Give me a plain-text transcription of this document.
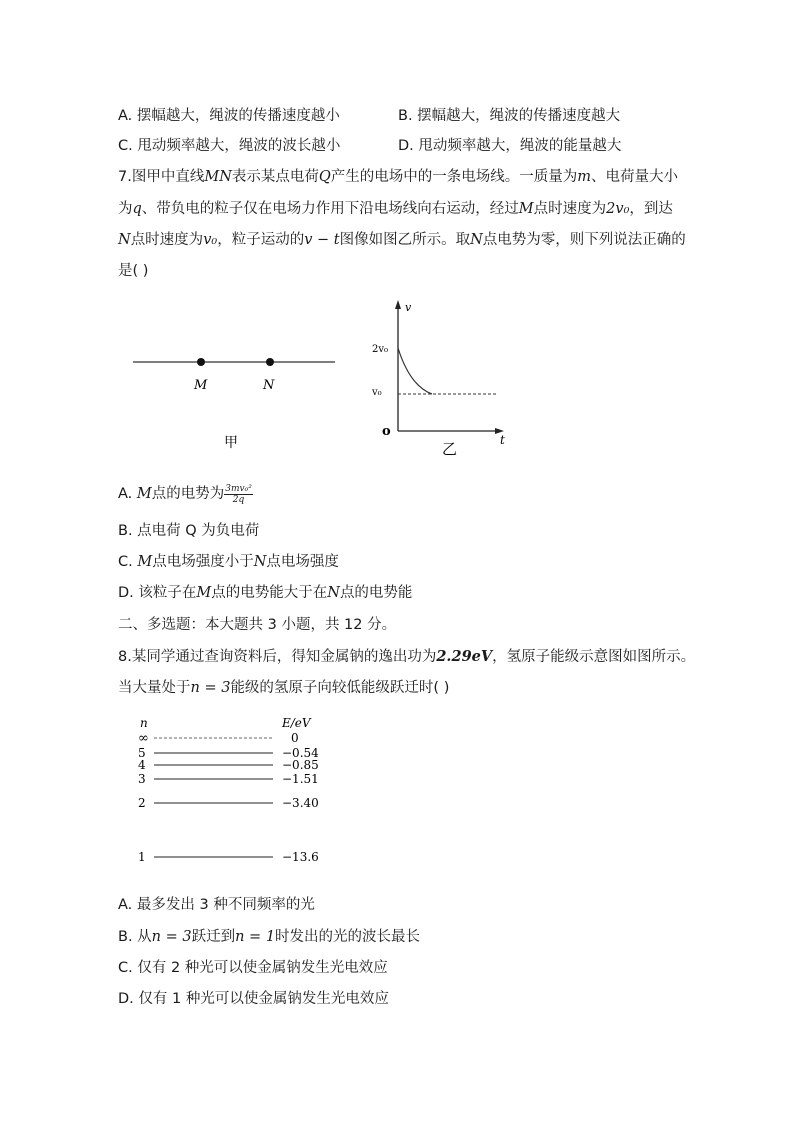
A. 摆幅越大，绳波的传播速度越小	B. 摆幅越大，绳波的传播速度越大
C. 甩动频率越大，绳波的波长越小	D. 甩动频率越大，绳波的能量越大
7.图甲中直线MN表示某点电荷Q产生的电场中的一条电场线。一质量为m、电荷量大小
为q、带负电的粒子仅在电场力作用下沿电场线向右运动，经过M点时速度为2v₀，到达
N点时速度为v₀，粒子运动的v − t图像如图乙所示。取N点电势为零，则下列说法正确的
是( )
M	N
甲
v
t
o
2v₀
v₀
乙
A. M点的电势为 $\frac{\text{3mv₀²}}{2q}$
B. 点电荷 Q 为负电荷
C. M点电场强度小于N点电场强度
D. 该粒子在M点的电势能大于在N点的电势能
二、多选题：本大题共 3 小题，共 12 分。
8.某同学通过查询资料后，得知金属钠的逸出功为2.29eV，氢原子能级示意图如图所示。
当大量处于n = 3能级的氢原子向较低能级跃迁时( )
n	E/eV
∞	0
5	−0.54
4	−0.85
3	−1.51
2	−3.40
1	−13.6
A. 最多发出 3 种不同频率的光
B. 从n = 3跃迁到n = 1时发出的光的波长最长
C. 仅有 2 种光可以使金属钠发生光电效应
D. 仅有 1 种光可以使金属钠发生光电效应
